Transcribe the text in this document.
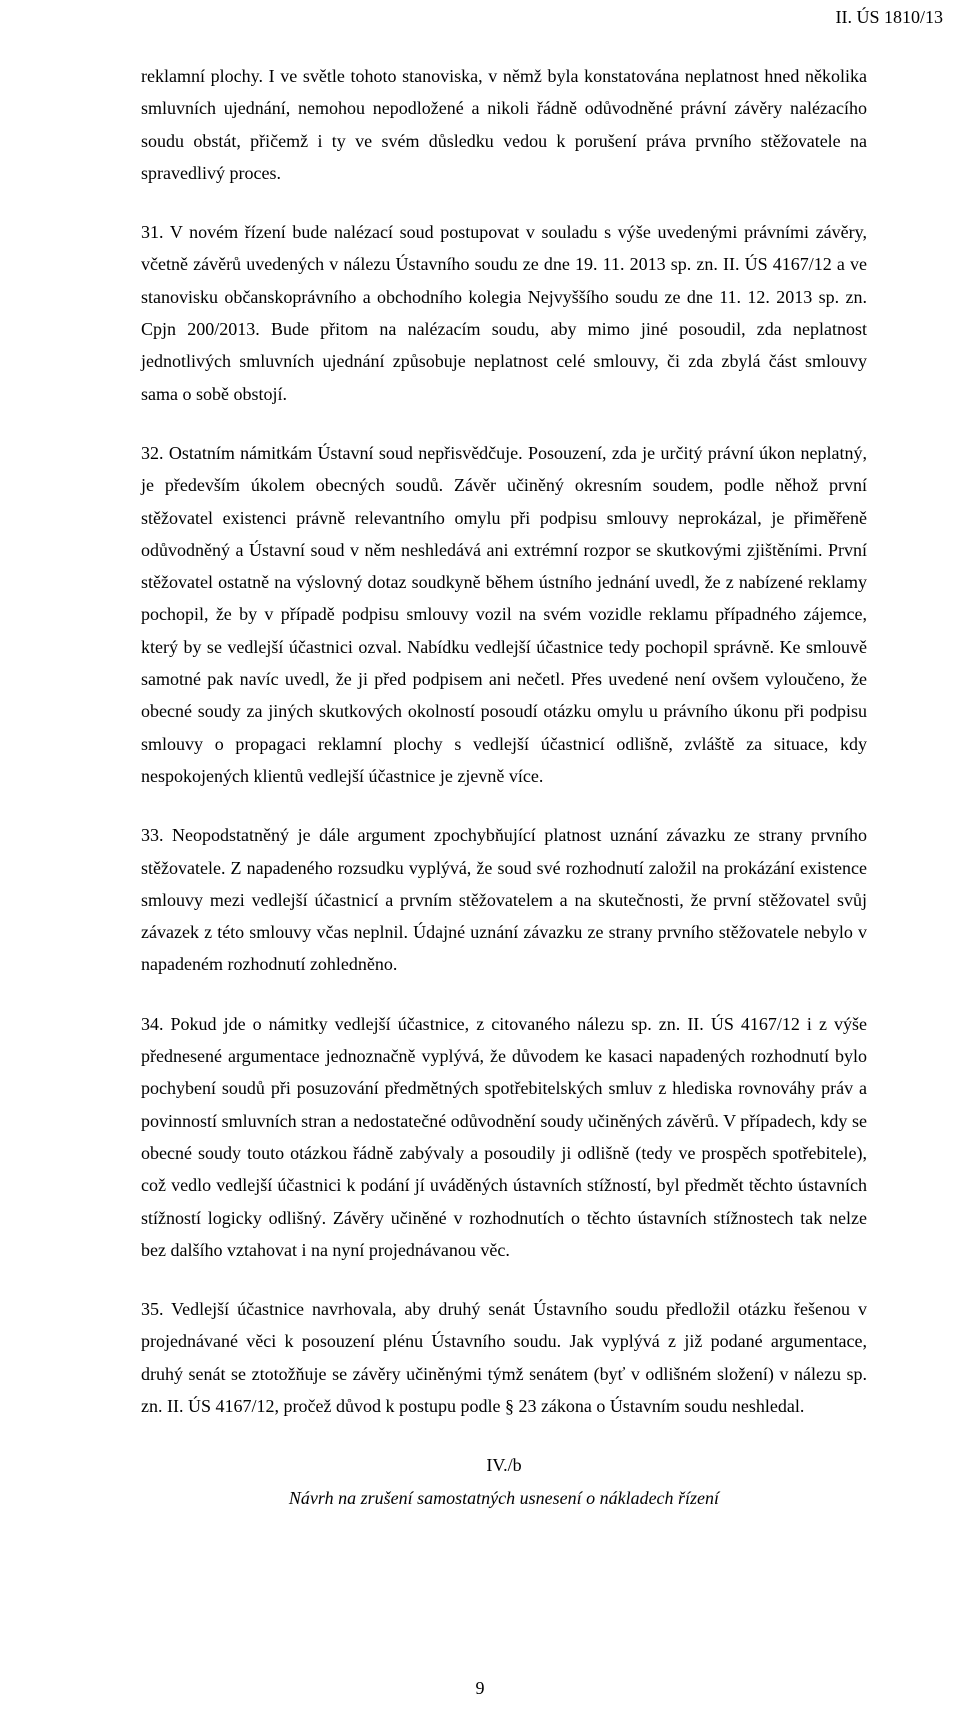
II. ÚS 1810/13

reklamní plochy. I ve světle tohoto stanoviska, v němž byla konstatována neplatnost hned několika smluvních ujednání, nemohou nepodložené a nikoli řádně odůvodněné právní závěry nalézacího soudu obstát, přičemž i ty ve svém důsledku vedou k porušení práva prvního stěžovatele na spravedlivý proces.

31. V novém řízení bude nalézací soud postupovat v souladu s výše uvedenými právními závěry, včetně závěrů uvedených v nálezu Ústavního soudu ze dne 19. 11. 2013 sp. zn. II. ÚS 4167/12 a ve stanovisku občanskoprávního a obchodního kolegia Nejvyššího soudu ze dne 11. 12. 2013 sp. zn. Cpjn 200/2013. Bude přitom na nalézacím soudu, aby mimo jiné posoudil, zda neplatnost jednotlivých smluvních ujednání způsobuje neplatnost celé smlouvy, či zda zbylá část smlouvy sama o sobě obstojí.

32. Ostatním námitkám Ústavní soud nepřisvědčuje. Posouzení, zda je určitý právní úkon neplatný, je především úkolem obecných soudů. Závěr učiněný okresním soudem, podle něhož první stěžovatel existenci právně relevantního omylu při podpisu smlouvy neprokázal, je přiměřeně odůvodněný a Ústavní soud v něm neshledává ani extrémní rozpor se skutkovými zjištěními. První stěžovatel ostatně na výslovný dotaz soudkyně během ústního jednání uvedl, že z nabízené reklamy pochopil, že by v případě podpisu smlouvy vozil na svém vozidle reklamu případného zájemce, který by se vedlejší účastnici ozval. Nabídku vedlejší účastnice tedy pochopil správně. Ke smlouvě samotné pak navíc uvedl, že ji před podpisem ani nečetl. Přes uvedené není ovšem vyloučeno, že obecné soudy za jiných skutkových okolností posoudí otázku omylu u právního úkonu při podpisu smlouvy o propagaci reklamní plochy s vedlejší účastnicí odlišně, zvláště za situace, kdy nespokojených klientů vedlejší účastnice je zjevně více.

33. Neopodstatněný je dále argument zpochybňující platnost uznání závazku ze strany prvního stěžovatele. Z napadeného rozsudku vyplývá, že soud své rozhodnutí založil na prokázání existence smlouvy mezi vedlejší účastnicí a prvním stěžovatelem a na skutečnosti, že první stěžovatel svůj závazek z této smlouvy včas neplnil. Údajné uznání závazku ze strany prvního stěžovatele nebylo v napadeném rozhodnutí zohledněno.

34. Pokud jde o námitky vedlejší účastnice, z citovaného nálezu sp. zn. II. ÚS 4167/12 i z výše přednesené argumentace jednoznačně vyplývá, že důvodem ke kasaci napadených rozhodnutí bylo pochybení soudů při posuzování předmětných spotřebitelských smluv z hlediska rovnováhy práv a povinností smluvních stran a nedostatečné odůvodnění soudy učiněných závěrů. V případech, kdy se obecné soudy touto otázkou řádně zabývaly a posoudily ji odlišně (tedy ve prospěch spotřebitele), což vedlo vedlejší účastnici k podání jí uváděných ústavních stížností, byl předmět těchto ústavních stížností logicky odlišný. Závěry učiněné v rozhodnutích o těchto ústavních stížnostech tak nelze bez dalšího vztahovat i na nyní projednávanou věc.

35. Vedlejší účastnice navrhovala, aby druhý senát Ústavního soudu předložil otázku řešenou v projednávané věci k posouzení plénu Ústavního soudu. Jak vyplývá z již podané argumentace, druhý senát se ztotožňuje se závěry učiněnými týmž senátem (byť v odlišném složení) v nálezu sp. zn. II. ÚS 4167/12, pročež důvod k postupu podle § 23 zákona o Ústavním soudu neshledal.

IV./b
Návrh na zrušení samostatných usnesení o nákladech řízení
9
